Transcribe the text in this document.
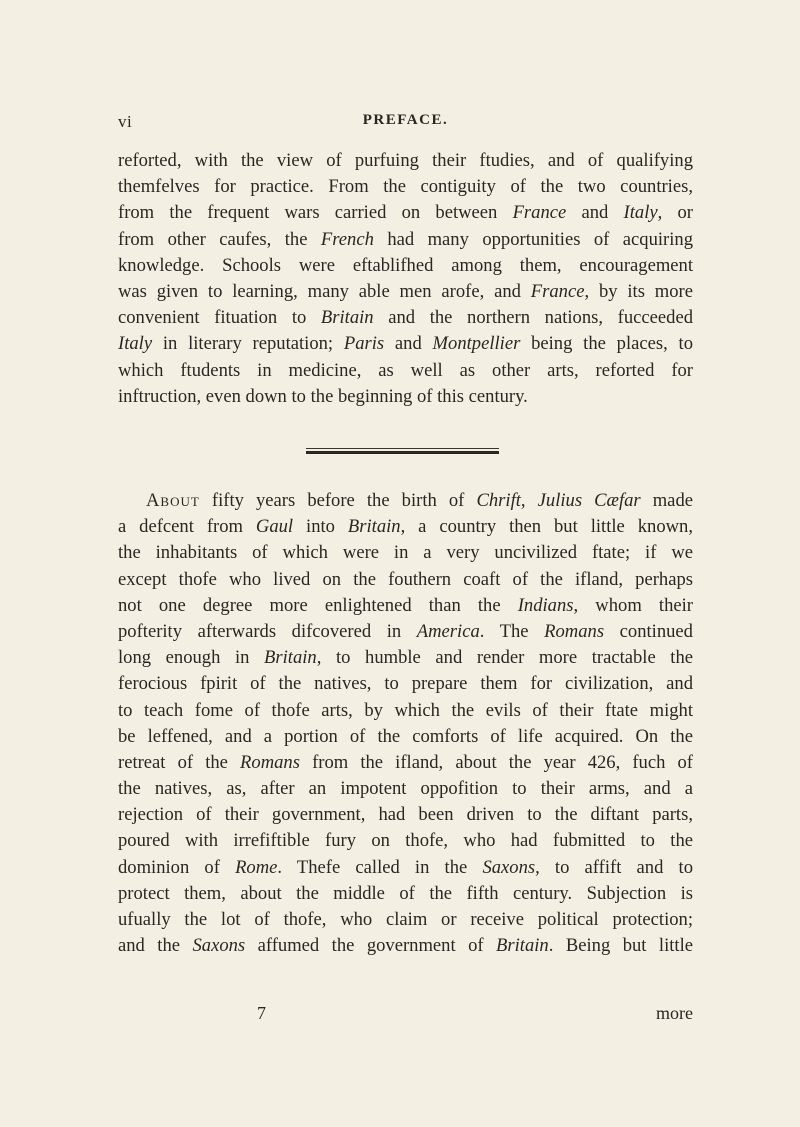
vi	PREFACE.
reforted, with the view of purfuing their ftudies, and of qualifying
themfelves for practice. From the contiguity of the two countries,
from the frequent wars carried on between France and Italy, or
from other caufes, the French had many opportunities of acquiring
knowledge. Schools were eftablifhed among them, encouragement
was given to learning, many able men arofe, and France, by its more
convenient fituation to Britain and the northern nations, fucceeded
Italy in literary reputation; Paris and Montpellier being the places, to
which ftudents in medicine, as well as other arts, reforted for
inftruction, even down to the beginning of this century.
About fifty years before the birth of Chrift, Julius Cæfar made
a defcent from Gaul into Britain, a country then but little known,
the inhabitants of which were in a very uncivilized ftate; if we
except thofe who lived on the fouthern coaft of the ifland, perhaps
not one degree more enlightened than the Indians, whom their
pofterity afterwards difcovered in America. The Romans continued
long enough in Britain, to humble and render more tractable the
ferocious fpirit of the natives, to prepare them for civilization, and
to teach fome of thofe arts, by which the evils of their ftate might
be leffened, and a portion of the comforts of life acquired. On the
retreat of the Romans from the ifland, about the year 426, fuch of
the natives, as, after an impotent oppofition to their arms, and a
rejection of their government, had been driven to the diftant parts,
poured with irrefiftible fury on thofe, who had fubmitted to the
dominion of Rome. Thefe called in the Saxons, to affift and to
protect them, about the middle of the fifth century. Subjection is
ufually the lot of thofe, who claim or receive political protection;
and the Saxons affumed the government of Britain. Being but little
7	more
